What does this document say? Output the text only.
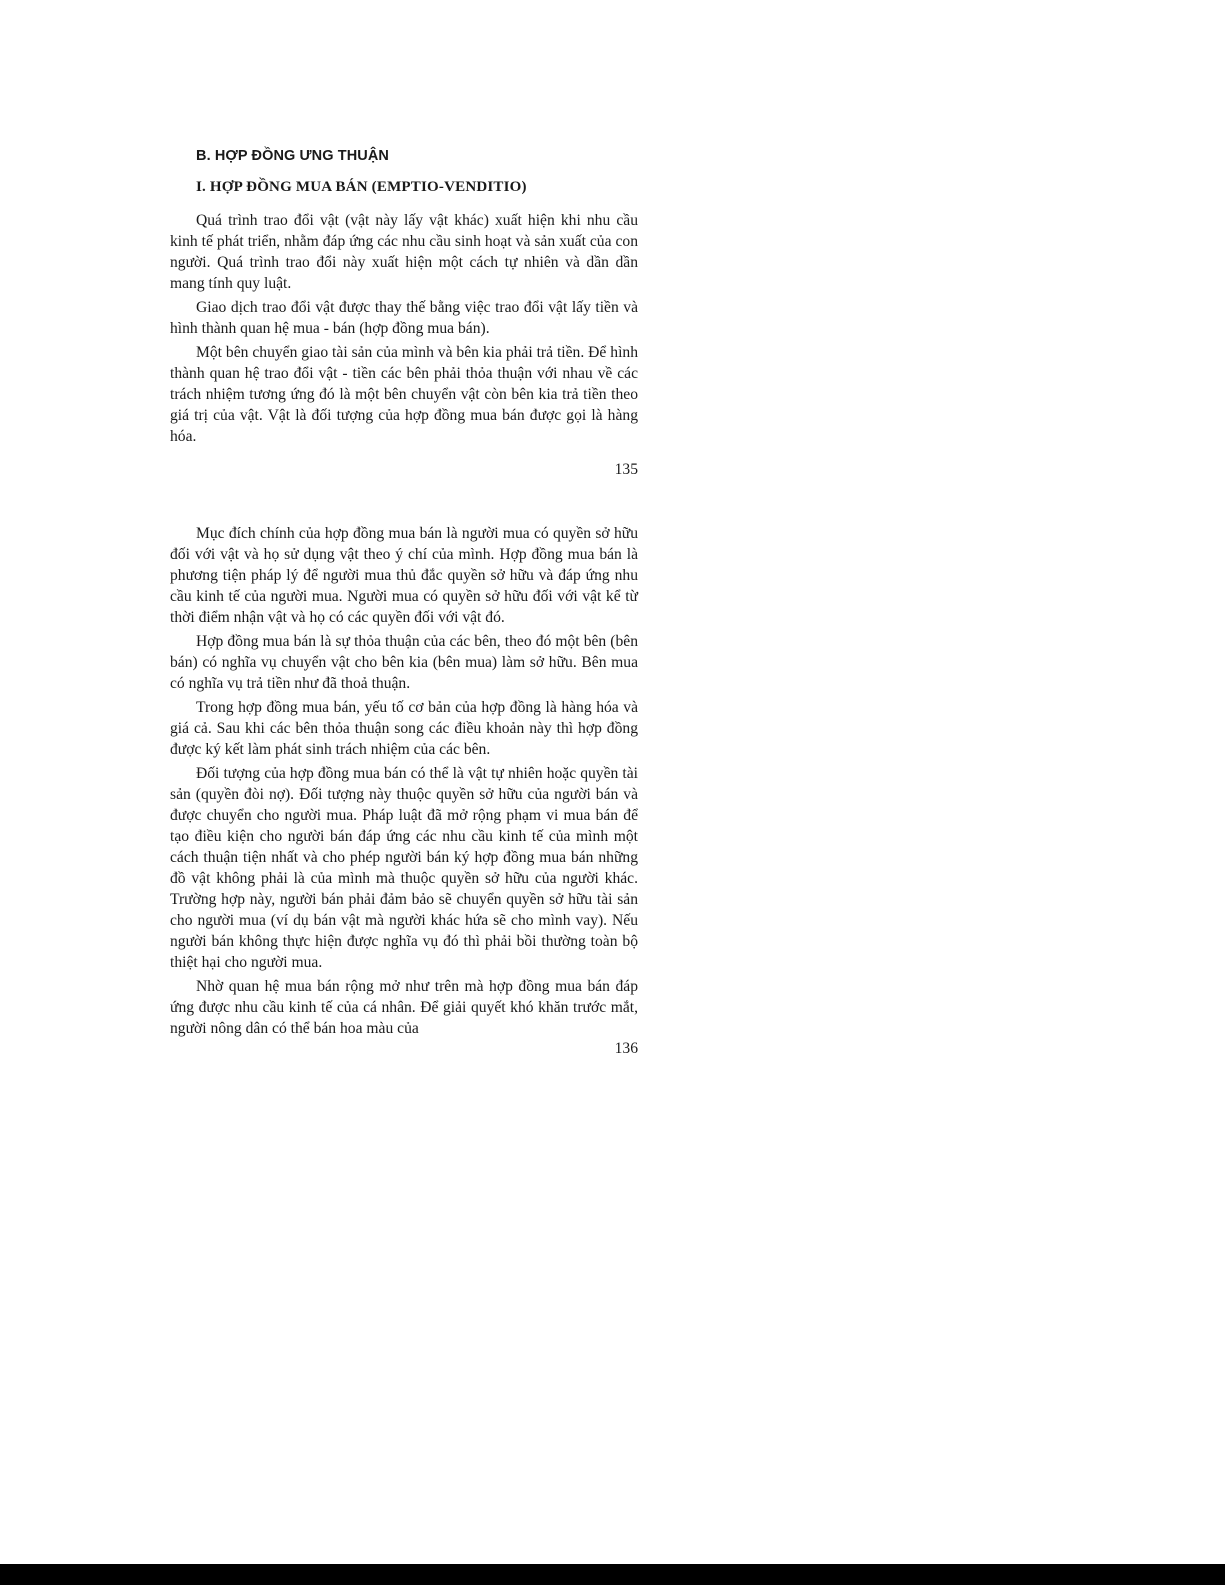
B. HỢP ĐỒNG ƯNG THUẬN
I. HỢP ĐỒNG MUA BÁN (EMPTIO-VENDITIO)

Quá trình trao đổi vật (vật này lấy vật khác) xuất hiện khi nhu cầu kinh tế phát triển, nhằm đáp ứng các nhu cầu sinh hoạt và sản xuất của con người. Quá trình trao đổi này xuất hiện một cách tự nhiên và dần dần mang tính quy luật.

Giao dịch trao đổi vật được thay thế bằng việc trao đổi vật lấy tiền và hình thành quan hệ mua - bán (hợp đồng mua bán).

Một bên chuyển giao tài sản của mình và bên kia phải trả tiền. Để hình thành quan hệ trao đổi vật - tiền các bên phải thỏa thuận với nhau về các trách nhiệm tương ứng đó là một bên chuyển vật còn bên kia trả tiền theo giá trị của vật. Vật là đối tượng của hợp đồng mua bán được gọi là hàng hóa.

135

Mục đích chính của hợp đồng mua bán là người mua có quyền sở hữu đối với vật và họ sử dụng vật theo ý chí của mình. Hợp đồng mua bán là phương tiện pháp lý để người mua thủ đắc quyền sở hữu và đáp ứng nhu cầu kinh tế của người mua. Người mua có quyền sở hữu đối với vật kể từ thời điểm nhận vật và họ có các quyền đối với vật đó.

Hợp đồng mua bán là sự thỏa thuận của các bên, theo đó một bên (bên bán) có nghĩa vụ chuyển vật cho bên kia (bên mua) làm sở hữu. Bên mua có nghĩa vụ trả tiền như đã thoả thuận.

Trong hợp đồng mua bán, yếu tố cơ bản của hợp đồng là hàng hóa và giá cả. Sau khi các bên thỏa thuận song các điều khoản này thì hợp đồng được ký kết làm phát sinh trách nhiệm của các bên.

Đối tượng của hợp đồng mua bán có thể là vật tự nhiên hoặc quyền tài sản (quyền đòi nợ). Đối tượng này thuộc quyền sở hữu của người bán và được chuyển cho người mua. Pháp luật đã mở rộng phạm vi mua bán để tạo điều kiện cho người bán đáp ứng các nhu cầu kinh tế của mình một cách thuận tiện nhất và cho phép người bán ký hợp đồng mua bán những đồ vật không phải là của mình mà thuộc quyền sở hữu của người khác. Trường hợp này, người bán phải đảm bảo sẽ chuyển quyền sở hữu tài sản cho người mua (ví dụ bán vật mà người khác hứa sẽ cho mình vay). Nếu người bán không thực hiện được nghĩa vụ đó thì phải bồi thường toàn bộ thiệt hại cho người mua.

Nhờ quan hệ mua bán rộng mở như trên mà hợp đồng mua bán đáp ứng được nhu cầu kinh tế của cá nhân. Để giải quyết khó khăn trước mắt, người nông dân có thể bán hoa màu của

136
